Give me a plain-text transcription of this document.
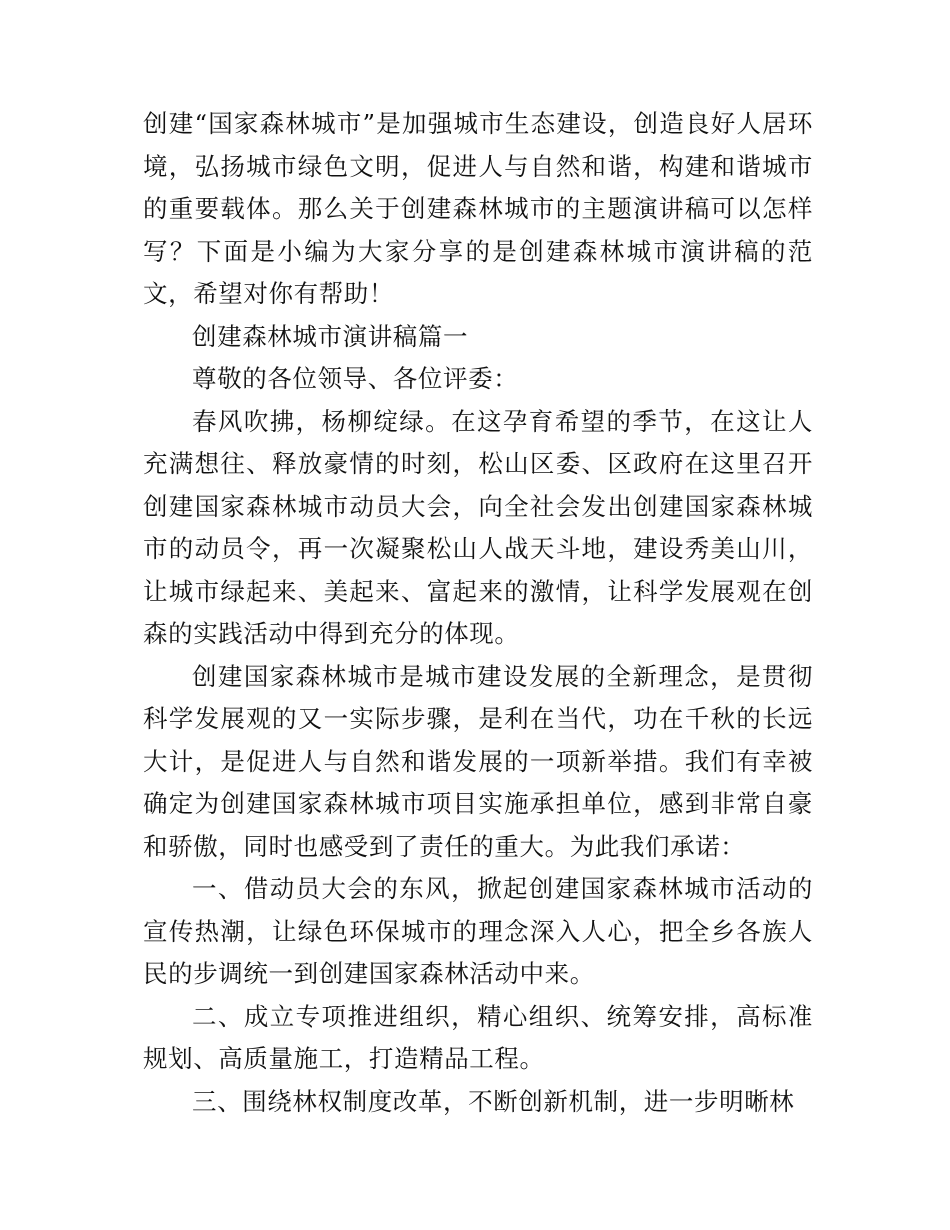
创建“国家森林城市”是加强城市生态建设，创造良好人居环境，弘扬城市绿色文明，促进人与自然和谐，构建和谐城市的重要载体。那么关于创建森林城市的主题演讲稿可以怎样写？下面是小编为大家分享的是创建森林城市演讲稿的范文，希望对你有帮助！

创建森林城市演讲稿篇一

尊敬的各位领导、各位评委：

春风吹拂，杨柳绽绿。在这孕育希望的季节，在这让人充满想往、释放豪情的时刻，松山区委、区政府在这里召开创建国家森林城市动员大会，向全社会发出创建国家森林城市的动员令，再一次凝聚松山人战天斗地，建设秀美山川，让城市绿起来、美起来、富起来的激情，让科学发展观在创森的实践活动中得到充分的体现。

创建国家森林城市是城市建设发展的全新理念，是贯彻科学发展观的又一实际步骤，是利在当代，功在千秋的长远大计，是促进人与自然和谐发展的一项新举措。我们有幸被确定为创建国家森林城市项目实施承担单位，感到非常自豪和骄傲，同时也感受到了责任的重大。为此我们承诺：

一、借动员大会的东风，掀起创建国家森林城市活动的宣传热潮，让绿色环保城市的理念深入人心，把全乡各族人民的步调统一到创建国家森林活动中来。

二、成立专项推进组织，精心组织、统筹安排，高标准规划、高质量施工，打造精品工程。

三、围绕林权制度改革，不断创新机制，进一步明晰林
